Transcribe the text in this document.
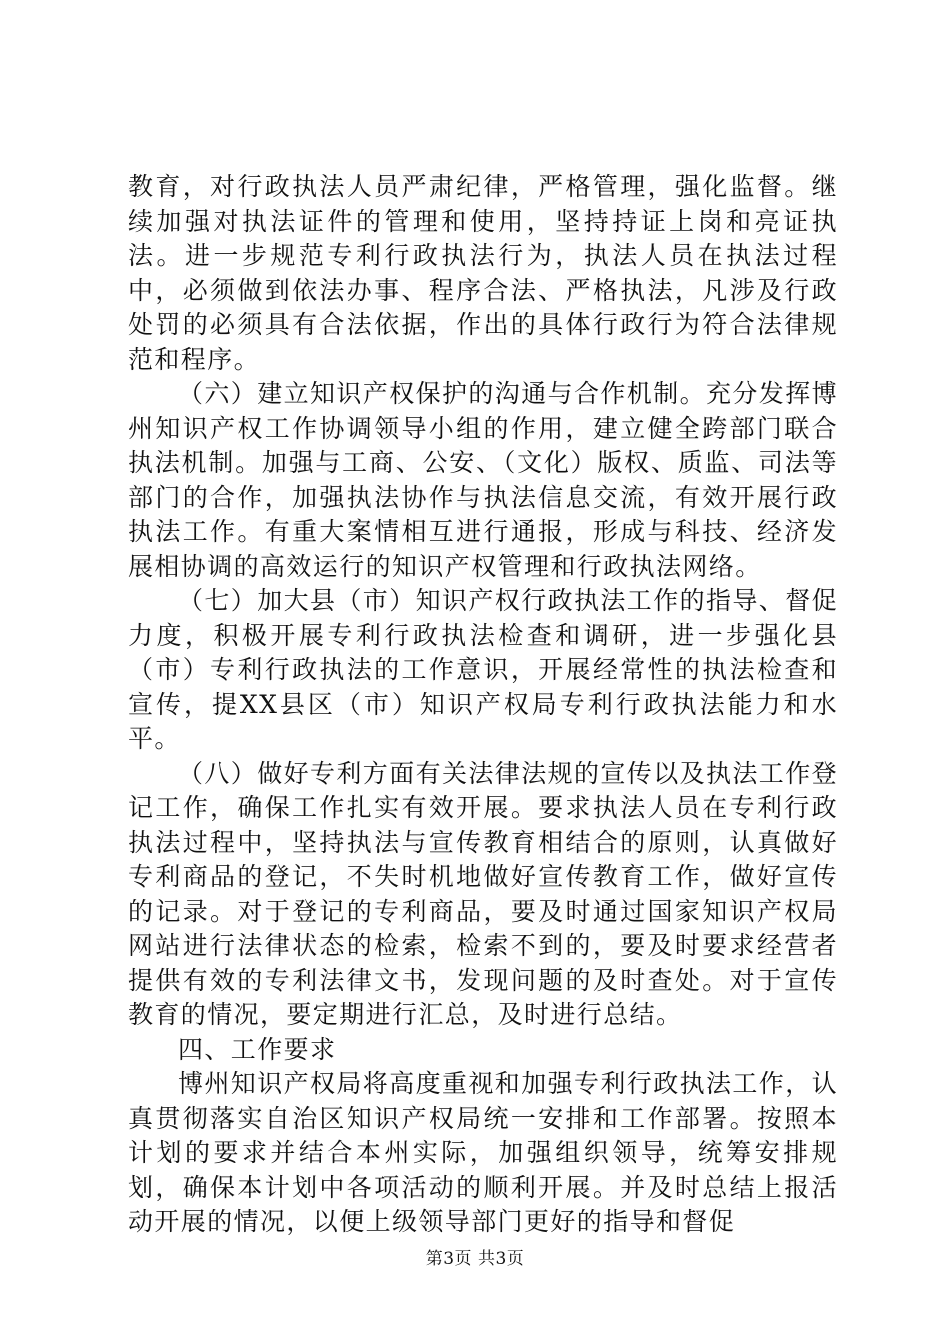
教育，对行政执法人员严肃纪律，严格管理，强化监督。继续加强对执法证件的管理和使用，坚持持证上岗和亮证执法。进一步规范专利行政执法行为，执法人员在执法过程中，必须做到依法办事、程序合法、严格执法，凡涉及行政处罚的必须具有合法依据，作出的具体行政行为符合法律规范和程序。

（六）建立知识产权保护的沟通与合作机制。充分发挥博州知识产权工作协调领导小组的作用，建立健全跨部门联合执法机制。加强与工商、公安、（文化）版权、质监、司法等部门的合作，加强执法协作与执法信息交流，有效开展行政执法工作。有重大案情相互进行通报，形成与科技、经济发展相协调的高效运行的知识产权管理和行政执法网络。

（七）加大县（市）知识产权行政执法工作的指导、督促力度，积极开展专利行政执法检查和调研，进一步强化县（市）专利行政执法的工作意识，开展经常性的执法检查和宣传，提XX县区（市）知识产权局专利行政执法能力和水平。

（八）做好专利方面有关法律法规的宣传以及执法工作登记工作，确保工作扎实有效开展。要求执法人员在专利行政执法过程中，坚持执法与宣传教育相结合的原则，认真做好专利商品的登记，不失时机地做好宣传教育工作，做好宣传的记录。对于登记的专利商品，要及时通过国家知识产权局网站进行法律状态的检索，检索不到的，要及时要求经营者提供有效的专利法律文书，发现问题的及时查处。对于宣传教育的情况，要定期进行汇总，及时进行总结。

四、工作要求

博州知识产权局将高度重视和加强专利行政执法工作，认真贯彻落实自治区知识产权局统一安排和工作部署。按照本计划的要求并结合本州实际，加强组织领导，统筹安排规划，确保本计划中各项活动的顺利开展。并及时总结上报活动开展的情况，以便上级领导部门更好的指导和督促

第3页 共3页
